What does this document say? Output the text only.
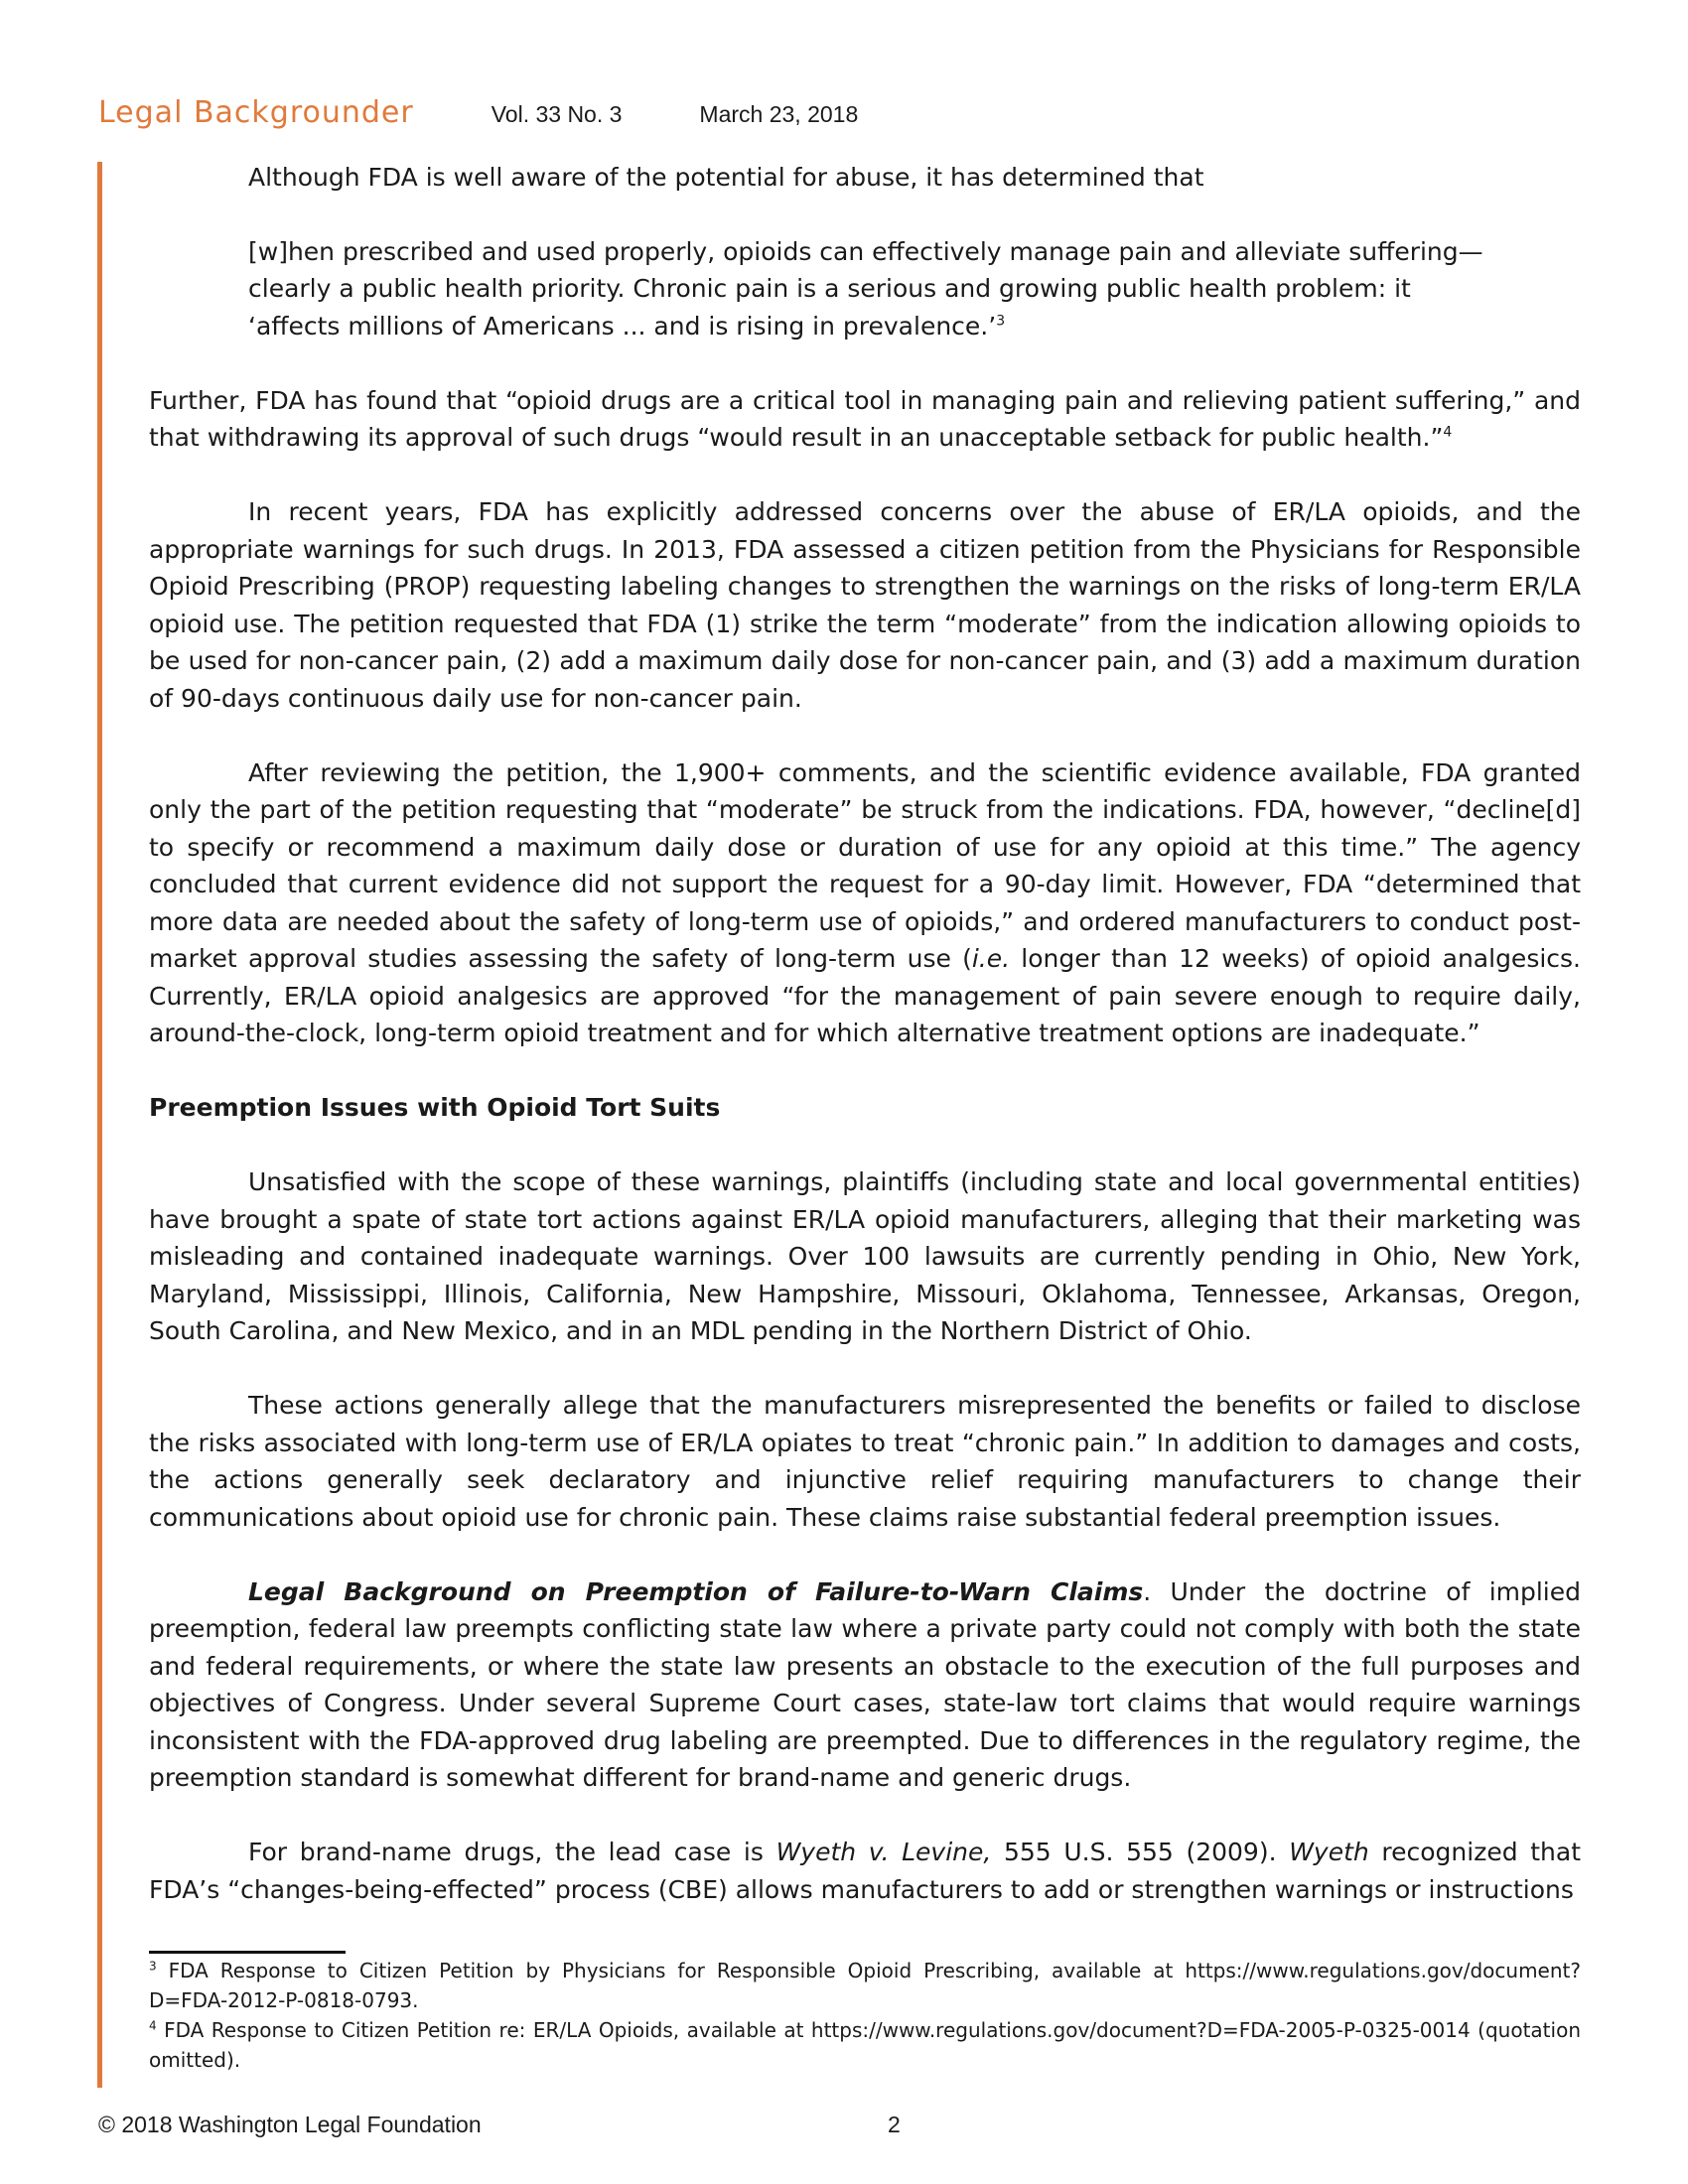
Legal Backgrounder	Vol. 33 No. 3	March 23, 2018

Although FDA is well aware of the potential for abuse, it has determined that

[w]hen prescribed and used properly, opioids can effectively manage pain and alleviate suffering—clearly a public health priority. Chronic pain is a serious and growing public health problem: it ‘affects millions of Americans ... and is rising in prevalence.’$^3$

Further, FDA has found that “opioid drugs are a critical tool in managing pain and relieving patient suffering,” and that withdrawing its approval of such drugs “would result in an unacceptable setback for public health.”$^4$

In recent years, FDA has explicitly addressed concerns over the abuse of ER/LA opioids, and the appropriate warnings for such drugs. In 2013, FDA assessed a citizen petition from the Physicians for Responsible Opioid Prescribing (PROP) requesting labeling changes to strengthen the warnings on the risks of long-term ER/LA opioid use. The petition requested that FDA (1) strike the term “moderate” from the indication allowing opioids to be used for non-cancer pain, (2) add a maximum daily dose for non-cancer pain, and (3) add a maximum duration of 90-days continuous daily use for non-cancer pain.

After reviewing the petition, the 1,900+ comments, and the scientific evidence available, FDA granted only the part of the petition requesting that “moderate” be struck from the indications. FDA, however, “decline[d] to specify or recommend a maximum daily dose or duration of use for any opioid at this time.” The agency concluded that current evidence did not support the request for a 90-day limit. However, FDA “determined that more data are needed about the safety of long-term use of opioids,” and ordered manufacturers to conduct post-market approval studies assessing the safety of long-term use (i.e. longer than 12 weeks) of opioid analgesics. Currently, ER/LA opioid analgesics are approved “for the management of pain severe enough to require daily, around-the-clock, long-term opioid treatment and for which alternative treatment options are inadequate.”

Preemption Issues with Opioid Tort Suits

Unsatisfied with the scope of these warnings, plaintiffs (including state and local governmental entities) have brought a spate of state tort actions against ER/LA opioid manufacturers, alleging that their marketing was misleading and contained inadequate warnings. Over 100 lawsuits are currently pending in Ohio, New York, Maryland, Mississippi, Illinois, California, New Hampshire, Missouri, Oklahoma, Tennessee, Arkansas, Oregon, South Carolina, and New Mexico, and in an MDL pending in the Northern District of Ohio.

These actions generally allege that the manufacturers misrepresented the benefits or failed to disclose the risks associated with long-term use of ER/LA opiates to treat “chronic pain.” In addition to damages and costs, the actions generally seek declaratory and injunctive relief requiring manufacturers to change their communications about opioid use for chronic pain. These claims raise substantial federal preemption issues.

Legal Background on Preemption of Failure-to-Warn Claims. Under the doctrine of implied preemption, federal law preempts conflicting state law where a private party could not comply with both the state and federal requirements, or where the state law presents an obstacle to the execution of the full purposes and objectives of Congress. Under several Supreme Court cases, state-law tort claims that would require warnings inconsistent with the FDA-approved drug labeling are preempted. Due to differences in the regulatory regime, the preemption standard is somewhat different for brand-name and generic drugs.

For brand-name drugs, the lead case is Wyeth v. Levine, 555 U.S. 555 (2009). Wyeth recognized that FDA’s “changes-being-effected” process (CBE) allows manufacturers to add or strengthen warnings or instructions

$^3$ FDA Response to Citizen Petition by Physicians for Responsible Opioid Prescribing, available at https://www.regulations.gov/document?D=FDA-2012-P-0818-0793.

$^4$ FDA Response to Citizen Petition re: ER/LA Opioids, available at https://www.regulations.gov/document?D=FDA-2005-P-0325-0014 (quotation omitted).

© 2018 Washington Legal Foundation	2
